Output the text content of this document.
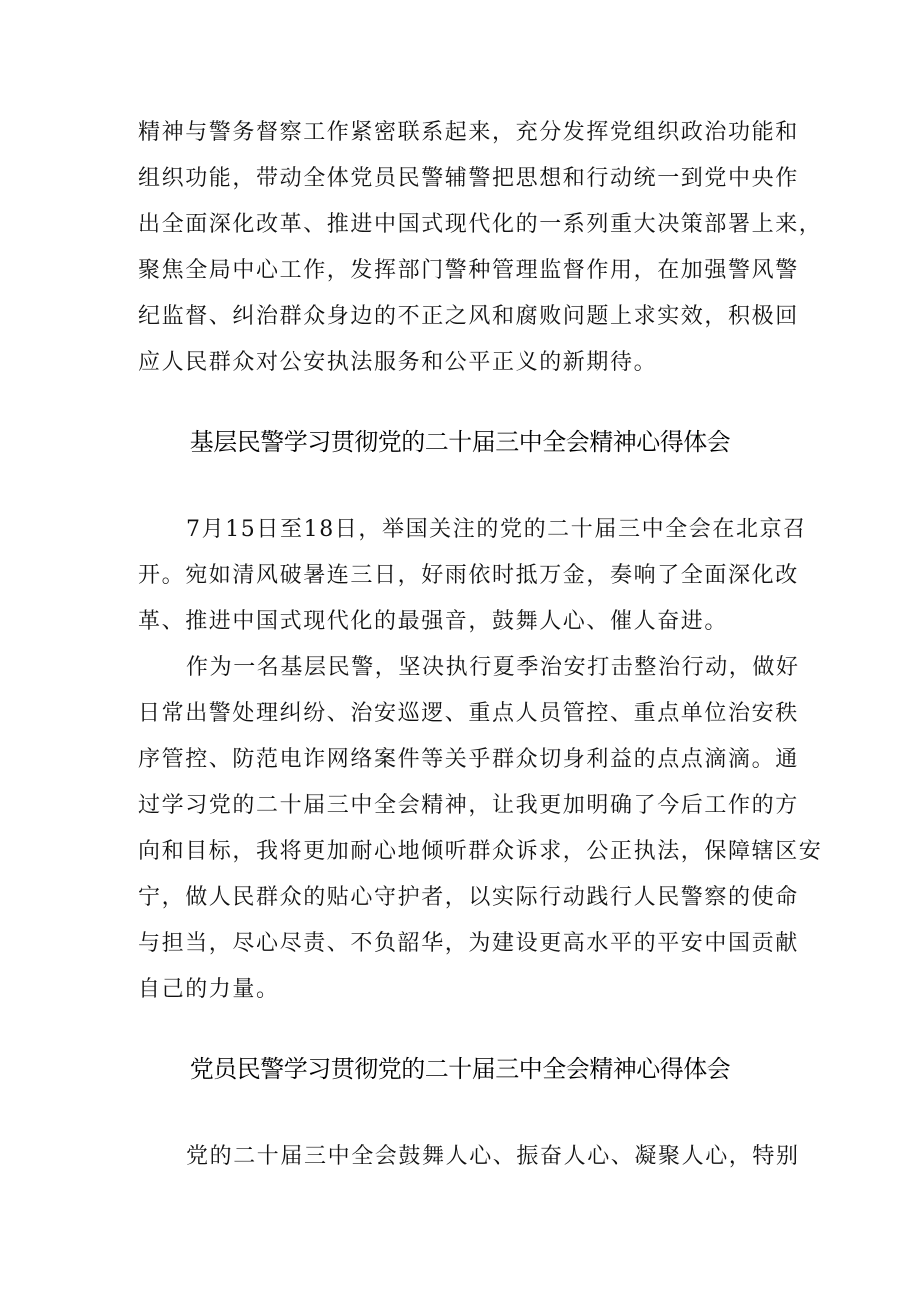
精神与警务督察工作紧密联系起来，充分发挥党组织政治功能和
组织功能，带动全体党员民警辅警把思想和行动统一到党中央作
出全面深化改革、推进中国式现代化的一系列重大决策部署上来，
聚焦全局中心工作，发挥部门警种管理监督作用，在加强警风警
纪监督、纠治群众身边的不正之风和腐败问题上求实效，积极回
应人民群众对公安执法服务和公平正义的新期待。
基层民警学习贯彻党的二十届三中全会精神心得体会
7月15日至18日，举国关注的党的二十届三中全会在北京召
开。宛如清风破暑连三日，好雨依时抵万金，奏响了全面深化改
革、推进中国式现代化的最强音，鼓舞人心、催人奋进。
作为一名基层民警，坚决执行夏季治安打击整治行动，做好
日常出警处理纠纷、治安巡逻、重点人员管控、重点单位治安秩
序管控、防范电诈网络案件等关乎群众切身利益的点点滴滴。通
过学习党的二十届三中全会精神，让我更加明确了今后工作的方
向和目标，我将更加耐心地倾听群众诉求，公正执法，保障辖区安
宁，做人民群众的贴心守护者，以实际行动践行人民警察的使命
与担当，尽心尽责、不负韶华，为建设更高水平的平安中国贡献
自己的力量。
党员民警学习贯彻党的二十届三中全会精神心得体会
党的二十届三中全会鼓舞人心、振奋人心、凝聚人心，特别
